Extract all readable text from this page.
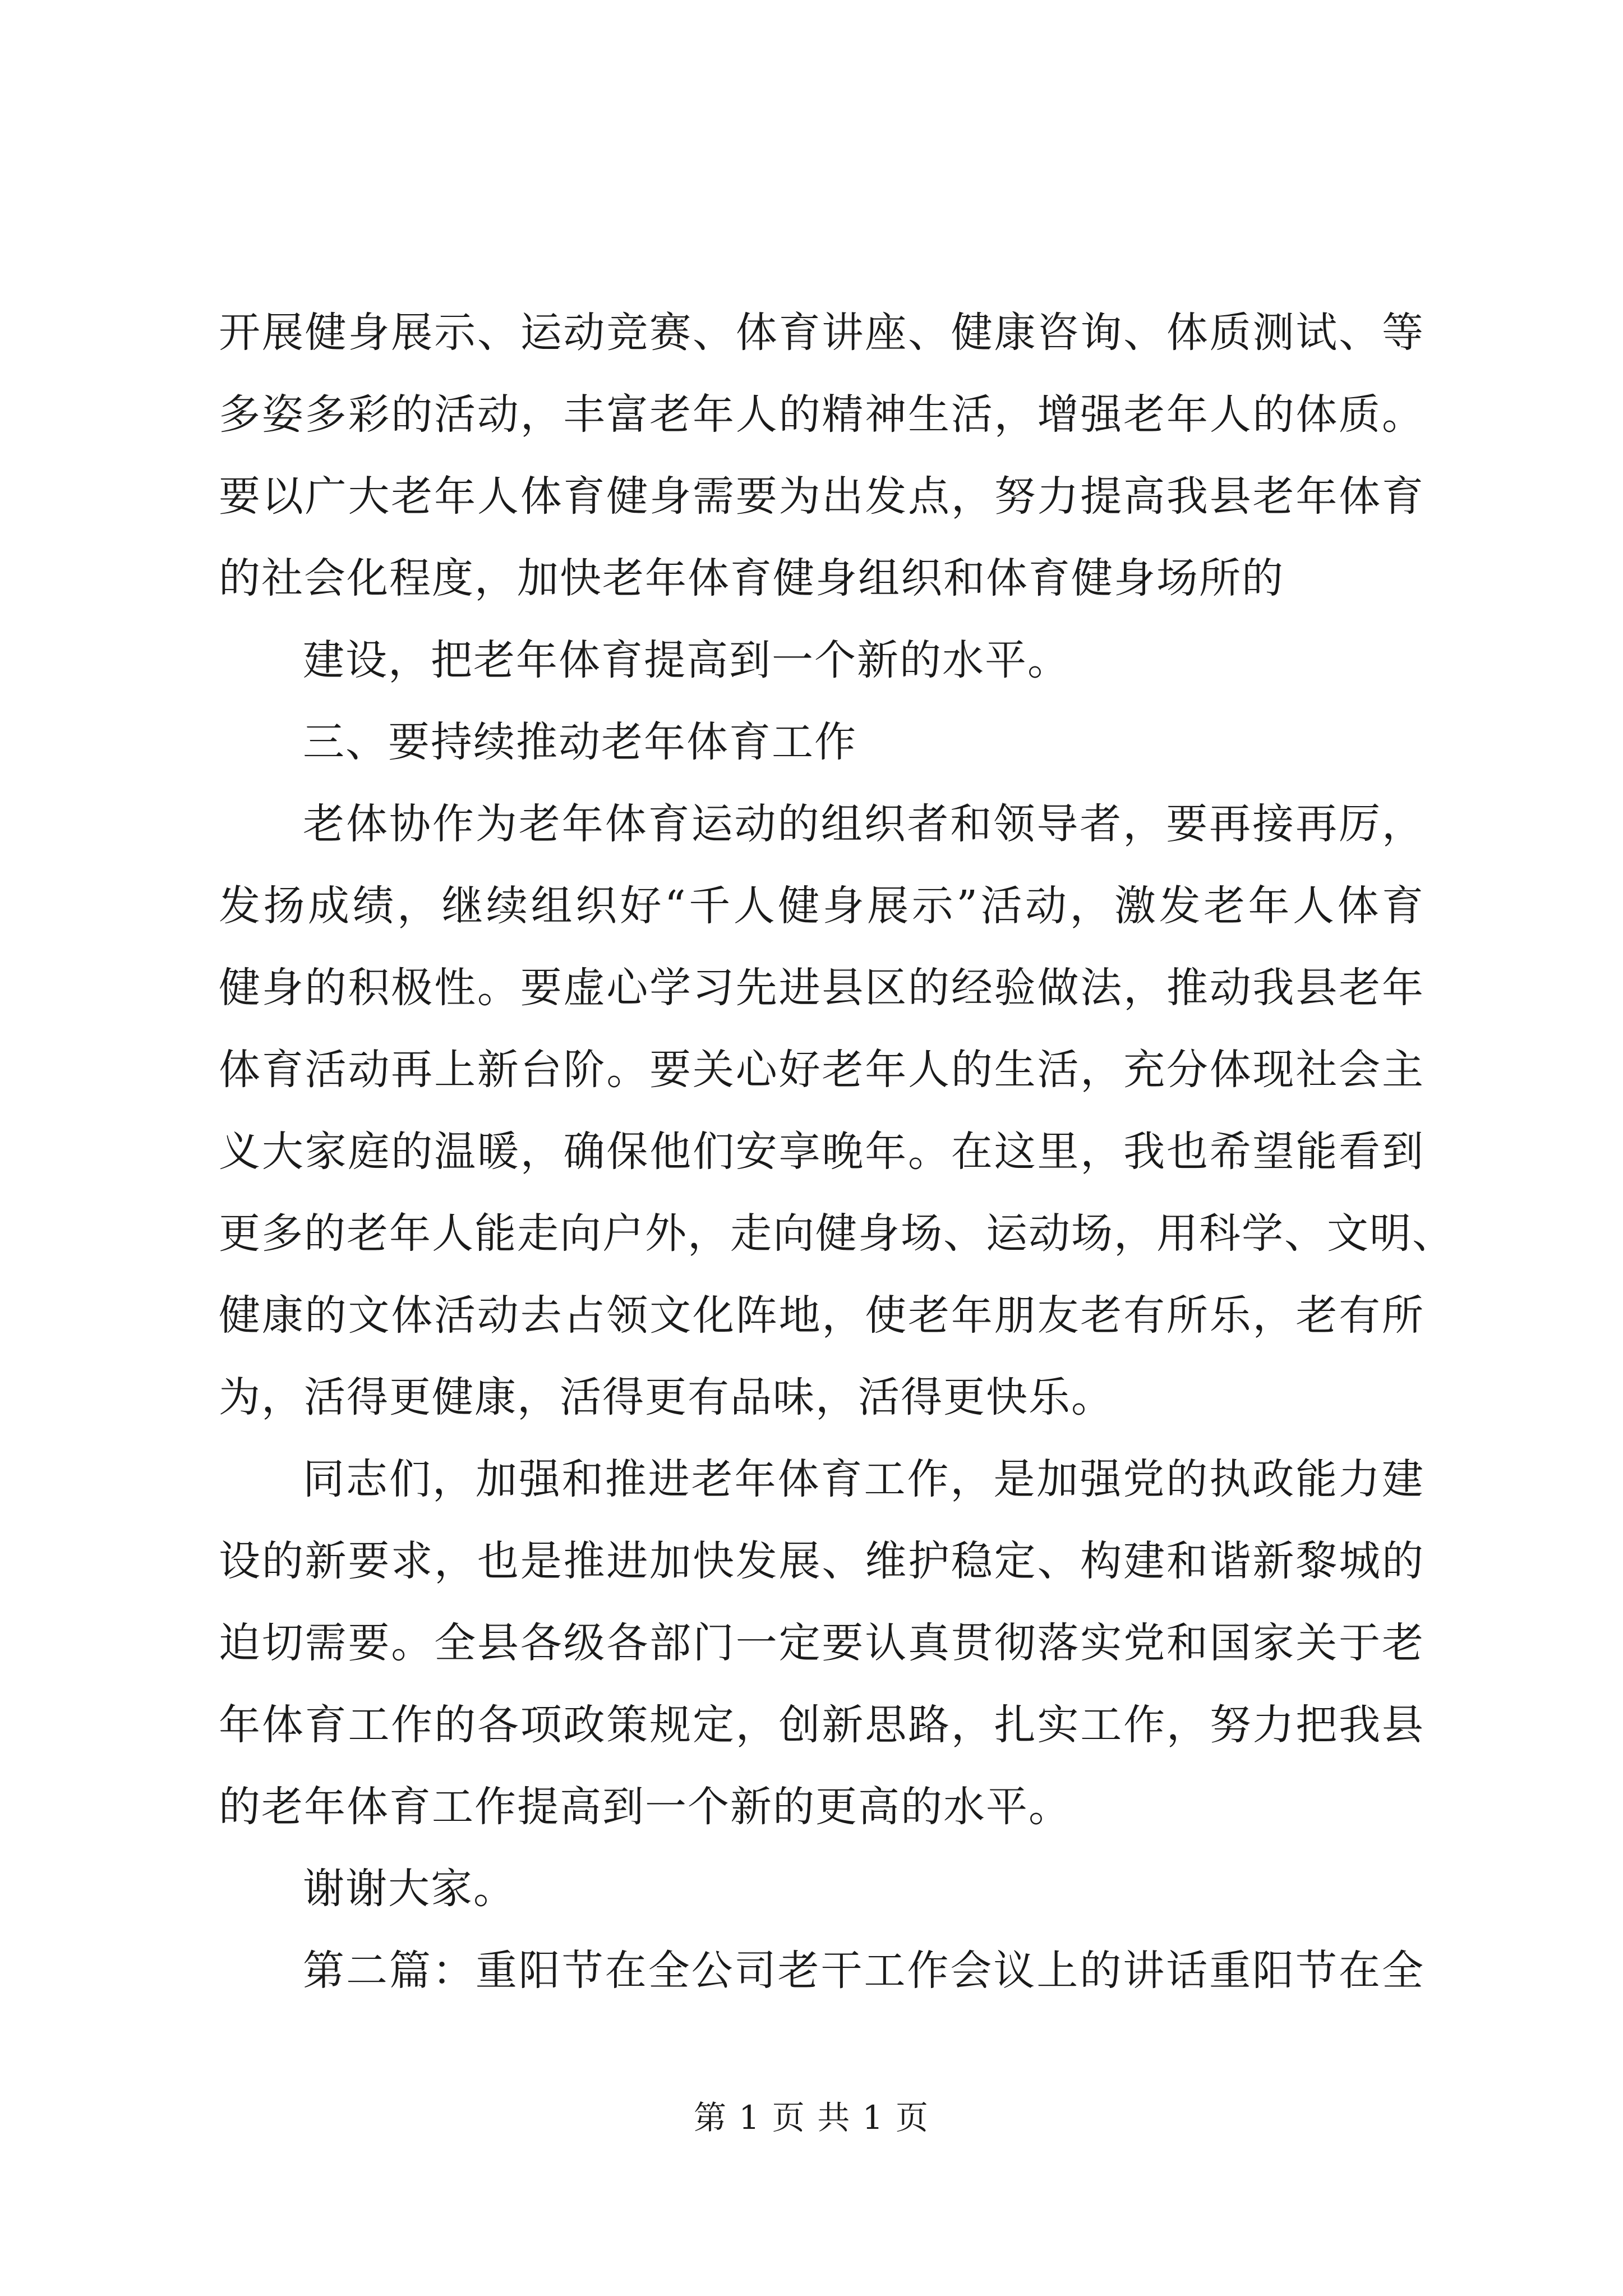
开展健身展示、运动竞赛、体育讲座、健康咨询、体质测试、等
多姿多彩的活动，丰富老年人的精神生活，增强老年人的体质。
要以广大老年人体育健身需要为出发点，努力提高我县老年体育
的社会化程度，加快老年体育健身组织和体育健身场所的
建设，把老年体育提高到一个新的水平。
三、要持续推动老年体育工作
老体协作为老年体育运动的组织者和领导者，要再接再厉，
发扬成绩，继续组织好“千人健身展示”活动，激发老年人体育
健身的积极性。要虚心学习先进县区的经验做法，推动我县老年
体育活动再上新台阶。要关心好老年人的生活，充分体现社会主
义大家庭的温暖，确保他们安享晚年。在这里，我也希望能看到
更多的老年人能走向户外，走向健身场、运动场，用科学、文明、
健康的文体活动去占领文化阵地，使老年朋友老有所乐，老有所
为，活得更健康，活得更有品味，活得更快乐。
同志们，加强和推进老年体育工作，是加强党的执政能力建
设的新要求，也是推进加快发展、维护稳定、构建和谐新黎城的
迫切需要。全县各级各部门一定要认真贯彻落实党和国家关于老
年体育工作的各项政策规定，创新思路，扎实工作，努力把我县
的老年体育工作提高到一个新的更高的水平。
谢谢大家。
第二篇：重阳节在全公司老干工作会议上的讲话重阳节在全
第 1 页 共 1 页
